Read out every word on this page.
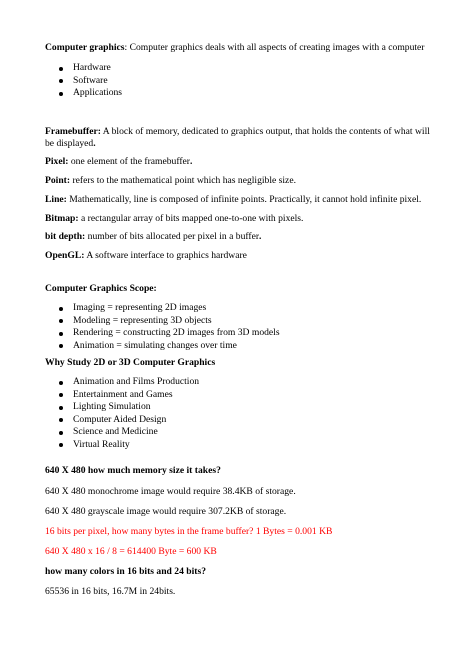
Computer graphics: Computer graphics deals with all aspects of creating images with a computer
Hardware
Software
Applications
Framebuffer: A block of memory, dedicated to graphics output, that holds the contents of what will be displayed.
Pixel: one element of the framebuffer.
Point: refers to the mathematical point which has negligible size.
Line: Mathematically, line is composed of infinite points. Practically, it cannot hold infinite pixel.
Bitmap: a rectangular array of bits mapped one-to-one with pixels.
bit depth: number of bits allocated per pixel in a buffer.
OpenGL: A software interface to graphics hardware
Computer Graphics Scope:
Imaging = representing 2D images
Modeling = representing 3D objects
Rendering = constructing 2D images from 3D models
Animation = simulating changes over time
Why Study 2D or 3D Computer Graphics
Animation and Films Production
Entertainment and Games
Lighting Simulation
Computer Aided Design
Science and Medicine
Virtual Reality
640 X 480 how much memory size it takes?
640 X 480 monochrome image would require 38.4KB of storage.
640 X 480 grayscale image would require 307.2KB of storage.
16 bits per pixel, how many bytes in the frame buffer? 1 Bytes = 0.001 KB
640 X 480 x 16 / 8 = 614400 Byte = 600 KB
how many colors in 16 bits and 24 bits?
65536 in 16 bits, 16.7M in 24bits.
